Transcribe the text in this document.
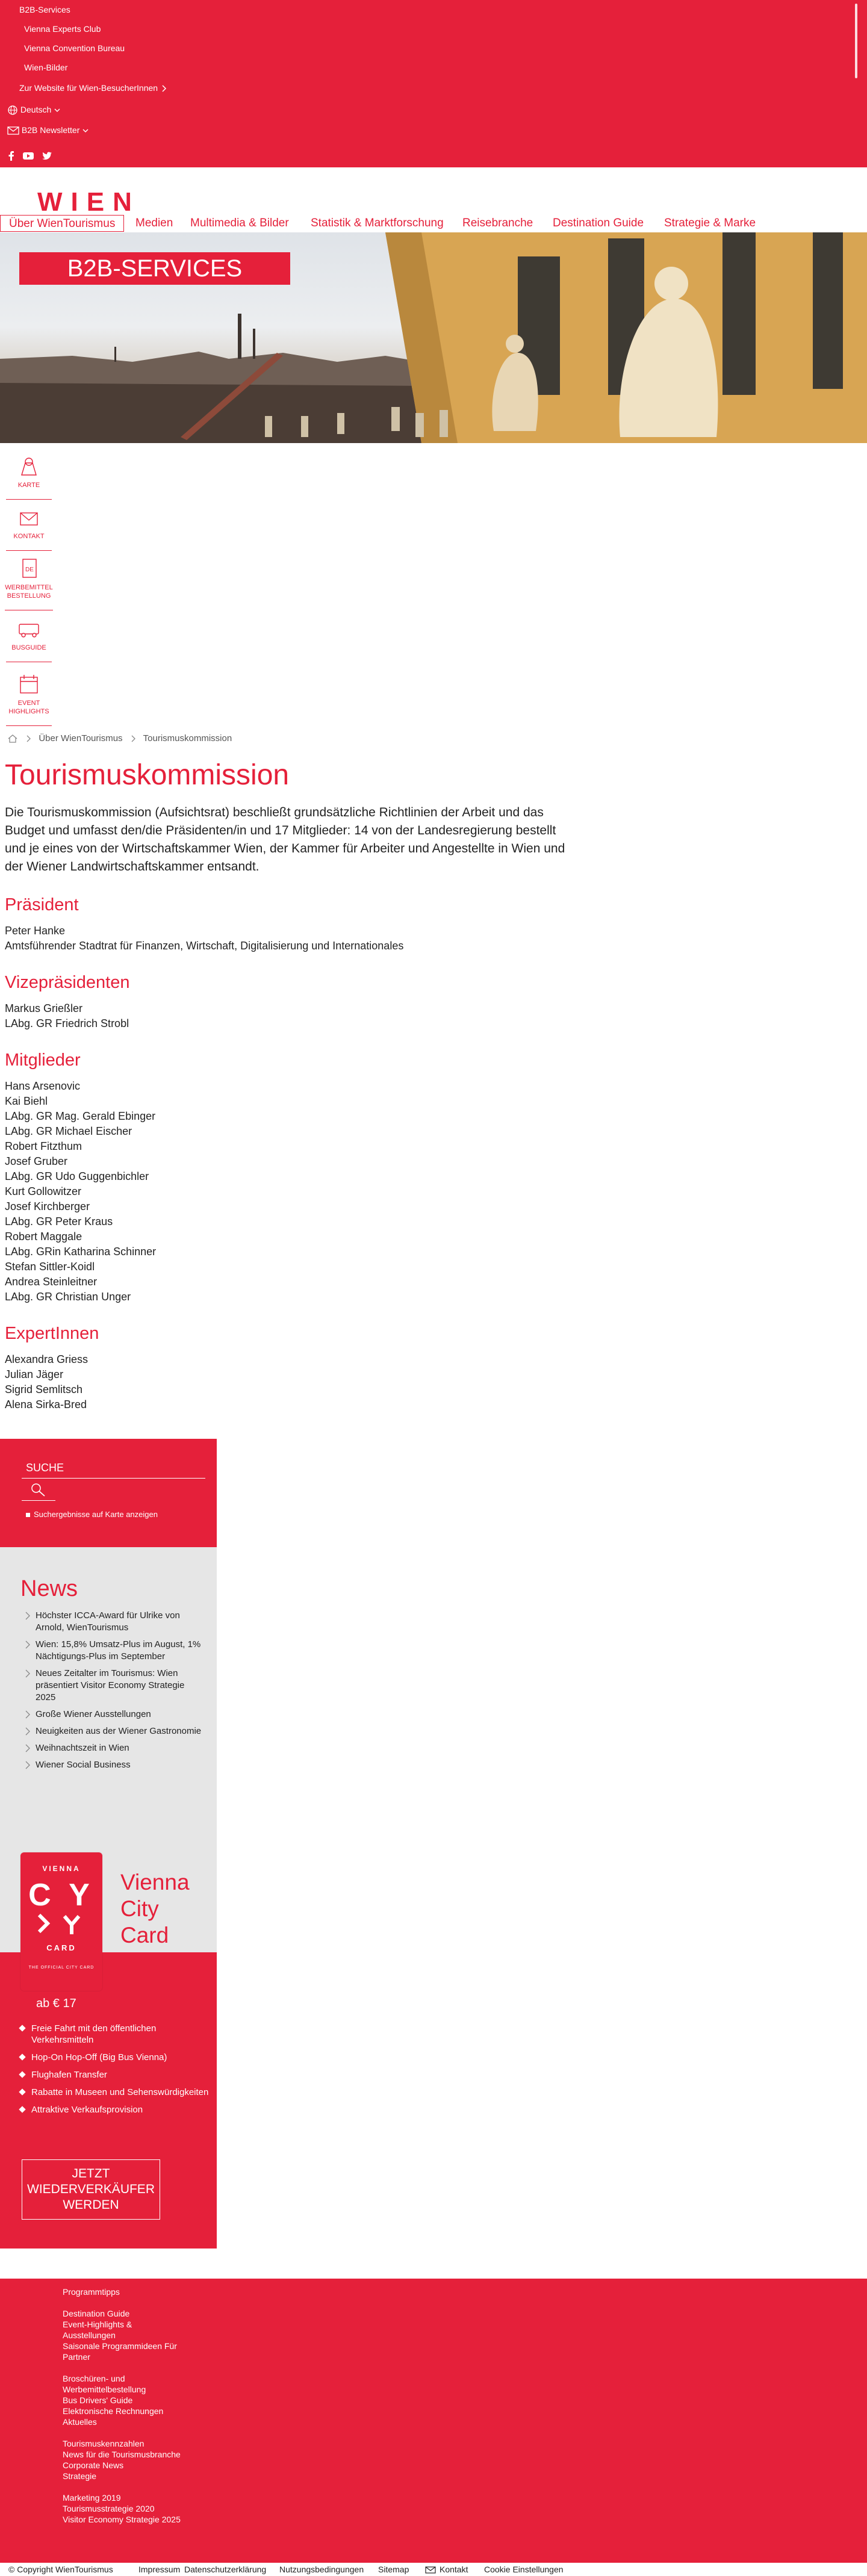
B2B-Services
Vienna Experts Club
Vienna Convention Bureau
Wien-Bilder
Zur Website für Wien-BesucherInnen
Deutsch
B2B Newsletter

WIEN
Über WienTourismus	Medien Multimedia & Bilder Statistik & Marktforschung Reisebranche Destination Guide Strategie & Marke
B2B-SERVICES
KARTE
KONTAKT
DE
WERBEMITTEL BESTELLUNG
BUSGUIDE
EVENT HIGHLIGHTS
Über WienTourismus Tourismuskommission
Tourismuskommission

Die Tourismuskommission (Aufsichtsrat) beschließt grundsätzliche Richtlinien der Arbeit und das Budget und umfasst den/die Präsidenten/in und 17 Mitglieder: 14 von der Landesregierung bestellt und je eines von der Wirtschaftskammer Wien, der Kammer für Arbeiter und Angestellte in Wien und der Wiener Landwirtschaftskammer entsandt.

Präsident
Peter Hanke
Amtsführender Stadtrat für Finanzen, Wirtschaft, Digitalisierung und Internationales
Vizepräsidenten
Markus Grießler
LAbg. GR Friedrich Strobl
Mitglieder
Hans Arsenovic
Kai Biehl
LAbg. GR Mag. Gerald Ebinger
LAbg. GR Michael Eischer
Robert Fitzthum
Josef Gruber
LAbg. GR Udo Guggenbichler
Kurt Gollowitzer
Josef Kirchberger
LAbg. GR Peter Kraus
Robert Maggale
LAbg. GRin Katharina Schinner
Stefan Sittler-Koidl
Andrea Steinleitner
LAbg. GR Christian Unger
ExpertInnen
Alexandra Griess
Julian Jäger
Sigrid Semlitsch
Alena Sirka-Bred
SUCHE
Suchergebnisse auf Karte anzeigen
News
Höchster ICCA-Award für Ulrike von Arnold, WienTourismus
Wien: 15,8% Umsatz-Plus im August, 1% Nächtigungs-Plus im September
Neues Zeitalter im Tourismus: Wien präsentiert Visitor Economy Strategie 2025
Große Wiener Ausstellungen
Neuigkeiten aus der Wiener Gastronomie
Weihnachtszeit in Wien
Wiener Social Business
VIENNA
C Y
CARD
THE OFFICIAL CITY CARD
Vienna City Card
ab € 17
Freie Fahrt mit den öffentlichen Verkehrsmitteln
Hop-On Hop-Off (Big Bus Vienna)
Flughafen Transfer
Rabatte in Museen und Sehenswürdigkeiten
Attraktive Verkaufsprovision
JETZT WIEDERVERKÄUFER WERDEN
Programmtipps
Destination Guide
Event-Highlights & Ausstellungen
Saisonale Programmideen Für Partner
Broschüren- und Werbemittelbestellung
Bus Drivers' Guide
Elektronische Rechnungen
Aktuelles
Tourismuskennzahlen
News für die Tourismusbranche
Corporate News
Strategie
Marketing 2019
Tourismusstrategie 2020
Visitor Economy Strategie 2025
© Copyright WienTourismus	Impressum Datenschutzerklärung Nutzungsbedingungen Sitemap	Kontakt Cookie Einstellungen
